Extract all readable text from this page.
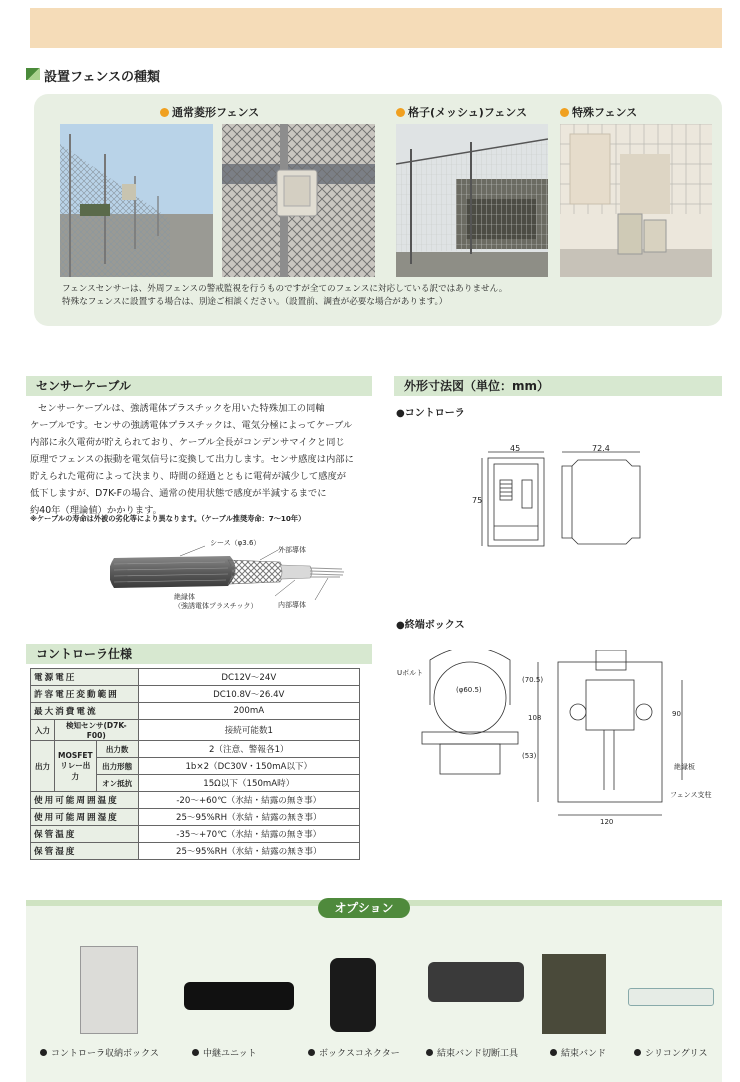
設置フェンスの種類
通常菱形フェンス	格子(メッシュ)フェンス	特殊フェンス
フェンスセンサーは、外周フェンスの警戒監視を行うものですが全てのフェンスに対応している訳ではありません。
特殊なフェンスに設置する場合は、別途ご相談ください。（設置前、調査が必要な場合があります。）
センサーケーブル
センサーケーブルは、強誘電体プラスチックを用いた特殊加工の同軸
ケーブルです。センサの強誘電体プラスチックは、電気分極によってケーブル
内部に永久電荷が貯えられており、ケーブル全長がコンデンサマイクと同じ
原理でフェンスの振動を電気信号に変換して出力します。センサ感度は内部に
貯えられた電荷によって決まり、時間の経過とともに電荷が減少して感度が
低下しますが、D7K-Fの場合、通常の使用状態で感度が半減するまでに
約40年（理論値）かかります。
※ケーブルの寿命は外被の劣化等により異なります。（ケーブル推奨寿命：7〜10年）
シース（φ3.6）
外部導体
絶縁体
（強誘電体プラスチック）	内部導体
コントローラ仕様
電源電圧			DC12V〜24V
許容電圧変動範囲			DC10.8V〜26.4V
最大消費電流			200mA
入力	検知センサ(D7K-F00)		接続可能数1
出力	MOSFET リレー出力	出力数	2（注意、警報各1）
		出力形態	1b×2（DC30V・150mA以下）
		オン抵抗	15Ω以下（150mA時）
使用可能周囲温度			-20〜+60℃（氷結・結露の無き事）
使用可能周囲湿度			25〜95%RH（氷結・結露の無き事）
保管温度			-35〜+70℃（氷結・結露の無き事）
保管湿度			25〜95%RH（氷結・結露の無き事）
外形寸法図（単位：mm）
●コントローラ
45	72.4
75
●終端ボックス
Uボルト
(φ60.5)
(70.5)
108
(53)
90
120
絶縁板
フェンス支柱
オプション
コントローラ収納ボックス	中継ユニット	ボックスコネクター	結束バンド切断工具	結束バンド	シリコングリス
